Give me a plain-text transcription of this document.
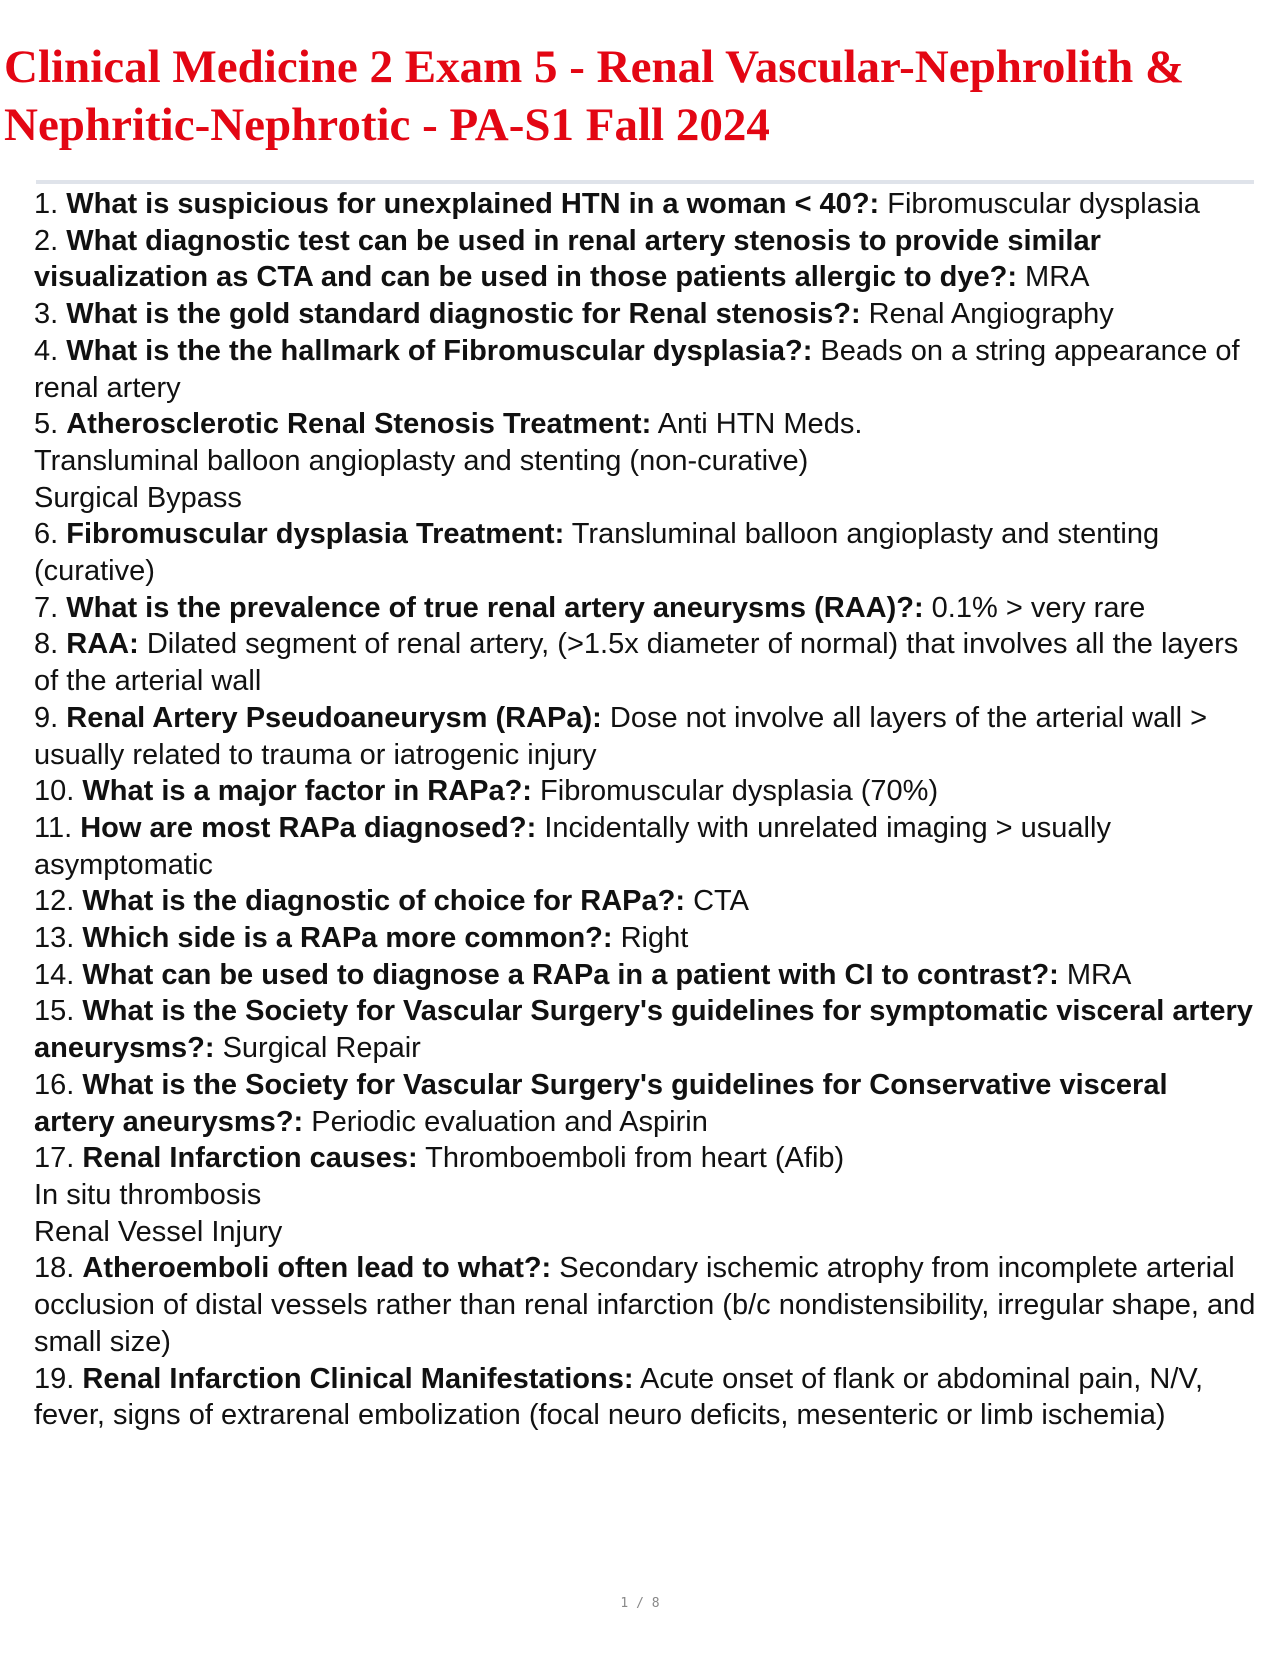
Clinical Medicine 2 Exam 5 - Renal Vascular-Nephrolith & Nephritic-Nephrotic - PA-S1 Fall 2024

1. What is suspicious for unexplained HTN in a woman < 40?: Fibromuscular dysplasia

2. What diagnostic test can be used in renal artery stenosis to provide similar visualization as CTA and can be used in those patients allergic to dye?: MRA

3. What is the gold standard diagnostic for Renal stenosis?: Renal Angiography

4. What is the the hallmark of Fibromuscular dysplasia?: Beads on a string appearance of renal artery

5. Atherosclerotic Renal Stenosis Treatment: Anti HTN Meds.
Transluminal balloon angioplasty and stenting (non-curative)
Surgical Bypass

6. Fibromuscular dysplasia Treatment: Transluminal balloon angioplasty and stenting (curative)

7. What is the prevalence of true renal artery aneurysms (RAA)?: 0.1% > very rare

8. RAA: Dilated segment of renal artery, (>1.5x diameter of normal) that involves all the layers of the arterial wall

9. Renal Artery Pseudoaneurysm (RAPa): Dose not involve all layers of the arterial wall > usually related to trauma or iatrogenic injury

10. What is a major factor in RAPa?: Fibromuscular dysplasia (70%)

11. How are most RAPa diagnosed?: Incidentally with unrelated imaging > usually asymptomatic

12. What is the diagnostic of choice for RAPa?: CTA

13. Which side is a RAPa more common?: Right

14. What can be used to diagnose a RAPa in a patient with CI to contrast?: MRA

15. What is the Society for Vascular Surgery's guidelines for symptomatic visceral artery aneurysms?: Surgical Repair

16. What is the Society for Vascular Surgery's guidelines for Conservative visceral artery aneurysms?: Periodic evaluation and Aspirin

17. Renal Infarction causes: Thromboemboli from heart (Afib)
In situ thrombosis
Renal Vessel Injury

18. Atheroemboli often lead to what?: Secondary ischemic atrophy from incomplete arterial occlusion of distal vessels rather than renal infarction (b/c nondistensibility, irregular shape, and small size)

19. Renal Infarction Clinical Manifestations: Acute onset of flank or abdominal pain, N/V, fever, signs of extrarenal embolization (focal neuro deficits, mesenteric or limb ischemia)

1 / 8
